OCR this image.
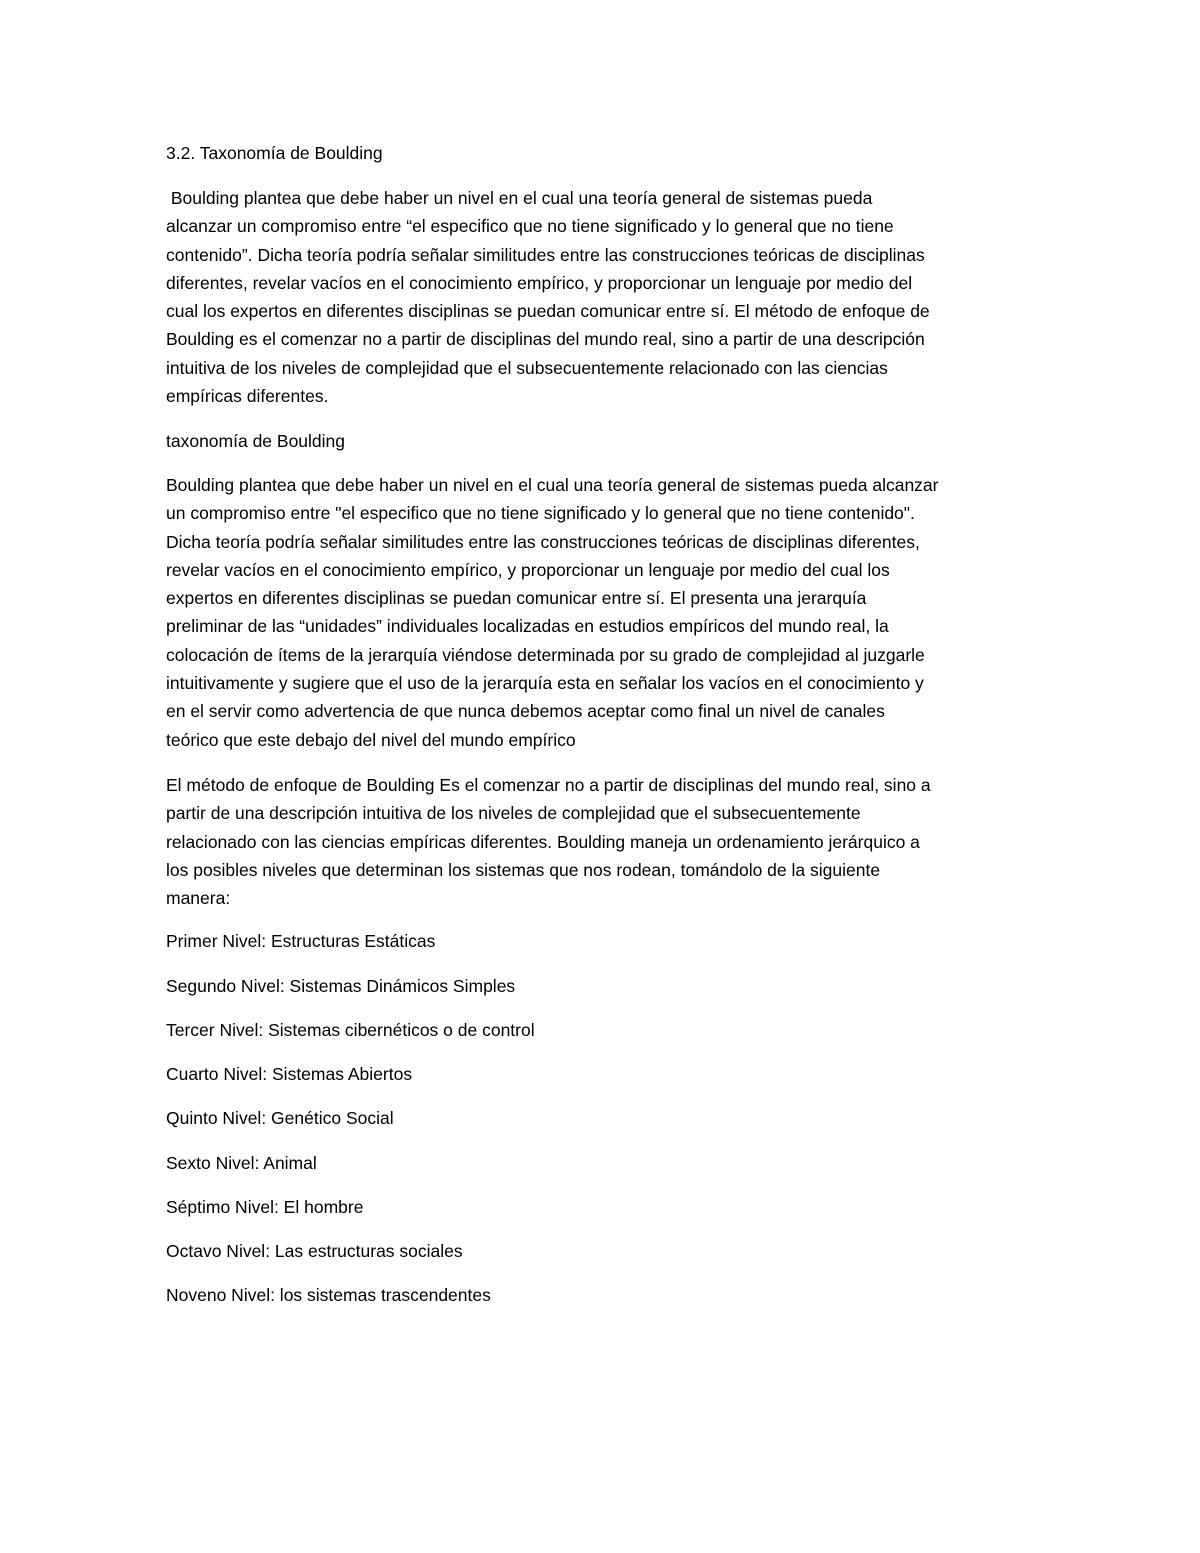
3.2. Taxonomía de Boulding

Boulding plantea que debe haber un nivel en el cual una teoría general de sistemas pueda
alcanzar un compromiso entre “el especifico que no tiene significado y lo general que no tiene
contenido”. Dicha teoría podría señalar similitudes entre las construcciones teóricas de disciplinas
diferentes, revelar vacíos en el conocimiento empírico, y proporcionar un lenguaje por medio del
cual los expertos en diferentes disciplinas se puedan comunicar entre sí. El método de enfoque de
Boulding es el comenzar no a partir de disciplinas del mundo real, sino a partir de una descripción
intuitiva de los niveles de complejidad que el subsecuentemente relacionado con las ciencias
empíricas diferentes.

taxonomía de Boulding

Boulding plantea que debe haber un nivel en el cual una teoría general de sistemas pueda alcanzar
un compromiso entre "el especifico que no tiene significado y lo general que no tiene contenido".
Dicha teoría podría señalar similitudes entre las construcciones teóricas de disciplinas diferentes,
revelar vacíos en el conocimiento empírico, y proporcionar un lenguaje por medio del cual los
expertos en diferentes disciplinas se puedan comunicar entre sí. El presenta una jerarquía
preliminar de las “unidades” individuales localizadas en estudios empíricos del mundo real, la
colocación de ítems de la jerarquía viéndose determinada por su grado de complejidad al juzgarle
intuitivamente y sugiere que el uso de la jerarquía esta en señalar los vacíos en el conocimiento y
en el servir como advertencia de que nunca debemos aceptar como final un nivel de canales
teórico que este debajo del nivel del mundo empírico
El método de enfoque de Boulding Es el comenzar no a partir de disciplinas del mundo real, sino a
partir de una descripción intuitiva de los niveles de complejidad que el subsecuentemente
relacionado con las ciencias empíricas diferentes. Boulding maneja un ordenamiento jerárquico a
los posibles niveles que determinan los sistemas que nos rodean, tomándolo de la siguiente
manera:

Primer Nivel: Estructuras Estáticas

Segundo Nivel: Sistemas Dinámicos Simples

Tercer Nivel: Sistemas cibernéticos o de control

Cuarto Nivel: Sistemas Abiertos

Quinto Nivel: Genético Social

Sexto Nivel: Animal

Séptimo Nivel: El hombre

Octavo Nivel: Las estructuras sociales

Noveno Nivel: los sistemas trascendentes
